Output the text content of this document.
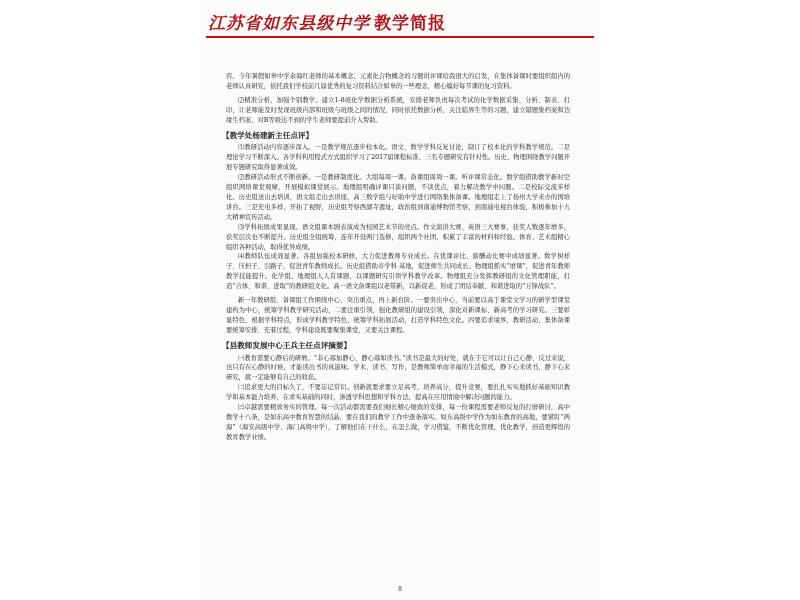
江苏省如东县级中学 教学简报

容。今年暑假如皋中学余海红老师的基本概念、元素化合物概念的习题讲评课给我很大的启发，在集体备课时要组织组内的老师认真研究，依托我们学校前几届优秀的复习资料结合如皋的一些理念，精心编好每节课的复习资料。

⑵精准分析，加强个别教学。建立1-8班化学数据分析系统，安排老师负责每次考试的化学数据采集、分析、制表、打印，让老师能及时发现班级内部和班级与班级之间的情况，同时依托数据分析，关注临界生等的习题，建立错题集档案和边缘生档案，对B等级达不到的学生老师要提前介入帮助。

【教学处杨建新主任点评】

⑴教研活动内容逐步深入。一是教学规范逐步校本化。语文、数学学科反复讨论，制订了校本化的学科教学规范。二是理论学习不断深入。各学科利用程式方式组织学习了2017届课程标准、三名专题研究有针对性。历史、物理围绕教学问题开展专题研究取得显著成效。

⑵教研活动形式不断创新。一是教研制度化。大组每周一课。备课组周周一课。听评课常态化。数学组借助教学新时空组织网络课堂观摩，开展模拟课堂展示。地理组明确评课只谈问题，不谈优点，着力解决教学中问题。二是校际交流多样化。历史组送出去培训，语文组走出去讲座，高三数学组与好助中学进行网络集体备课。地理组走上了扬州大学来办的国培讲台。三是充电多样，开拓了视野，历史组考察西湖寺遗址，政治组到南通博物馆考察，到南通电视台体验，积极参加十九大精神宣传活动。

⑶学科拓展成果显现。语文组课本剧表演成为校园艺术节的亮点。作文演讲大赛、英语三大赛事，获奖人数逐年增多，获奖层次也不断提升。历史组全组统筹，连年开设两门选修，组织两个社团，积累了丰富的材料和经验。体育、艺术组精心组织各种活动，取得优异成绩。

⑷教师队伍成效显著。各组加强校本研修，大力促进教师专业成长。在优课评比、薪酬动比赛中成绩显著。数学树样子、压担子、引路子，促进青年教师成长。历史组借助市学科 基地，促进师生共同成长。物理组抓实“磨课”，促进青年教师教学技能提升。化学组、地理组人人有课题，以课题研究引领学科教学改革。物理组充分发挥教研组的文化管理职能，打造“合体、和谐、进取”的教研组文化。高一语文备课组以老带新，以新促老，形成了团结奉献、和谐进取的“万锋战队”。

新一年教研组、备课组工作围绕中心、突出重点，再上新台阶。一要突出中心，当前要以高于课堂文学习的研学型课堂建构为中心，统筹学科教学研究活动，二要注重引领，强化教研组的建设引领，深化对新课标、新高考的学习研究。三要彰显特色，根据学科特点，形成学科教学特色，统筹学科拓展活动，打造学科特色文化。四要追求境界，教研活动、集体备课要统筹安排、充着过程，学科建设既要聚集课堂，又要关注课程。

【县教师发展中心王兵主任点评摘要】

㈠教育需要心静后的研磨。“非心寡加静心、静心寡如读书。”读书是最大的好处，就在于它可以让自己心静、反过来说，也只有在心静的时候，才能读出书的真滋味。学术、读书、写作，是教师简单而幸福的生活模式，静下心来读书，静下心来研究，就一定能够有自己的收获。

㈡追求更大的目标久了，不要忘记常识。创新就要求要立足高考，培养高分，提升竞赛，要扎扎实实地抓好基础知识教学和基本能力培养，在求实基础的同时，渗透学科思想和学科方法，提高在应用情境中解决问题的能力。

㈢卓越需要精致务实的管理。每一次活动都需要我们细长精心细致的安排，每一份课程需要老师反复的打磨研讨，高中教学十八条，是如东高中教育智慧的结晶，要在我们的教学工作中逐条落实。如东高级中学作为如东教育的高地，要紧盯“两海”（海安高级中学、海门高级中学），了解他们在干什么，在怎么做，学习借鉴，不断优化管理，优化教学，创造更辉煌的教育教学业绩。

8
